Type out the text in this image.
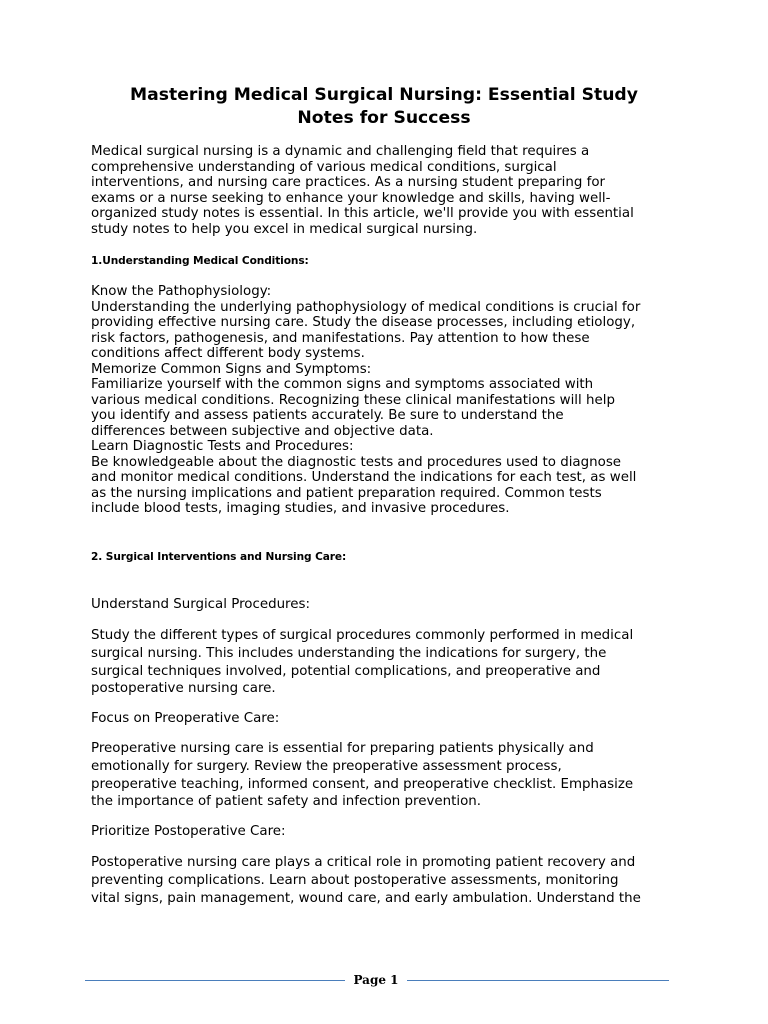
Mastering Medical Surgical Nursing: Essential Study
Notes for Success
Medical surgical nursing is a dynamic and challenging field that requires a
comprehensive understanding of various medical conditions, surgical
interventions, and nursing care practices. As a nursing student preparing for
exams or a nurse seeking to enhance your knowledge and skills, having well-
organized study notes is essential. In this article, we'll provide you with essential
study notes to help you excel in medical surgical nursing.
1.Understanding Medical Conditions:
Know the Pathophysiology:
Understanding the underlying pathophysiology of medical conditions is crucial for
providing effective nursing care. Study the disease processes, including etiology,
risk factors, pathogenesis, and manifestations. Pay attention to how these
conditions affect different body systems.
Memorize Common Signs and Symptoms:
Familiarize yourself with the common signs and symptoms associated with
various medical conditions. Recognizing these clinical manifestations will help
you identify and assess patients accurately. Be sure to understand the
differences between subjective and objective data.
Learn Diagnostic Tests and Procedures:
Be knowledgeable about the diagnostic tests and procedures used to diagnose
and monitor medical conditions. Understand the indications for each test, as well
as the nursing implications and patient preparation required. Common tests
include blood tests, imaging studies, and invasive procedures.
2. Surgical Interventions and Nursing Care:
Understand Surgical Procedures:
Study the different types of surgical procedures commonly performed in medical
surgical nursing. This includes understanding the indications for surgery, the
surgical techniques involved, potential complications, and preoperative and
postoperative nursing care.
Focus on Preoperative Care:
Preoperative nursing care is essential for preparing patients physically and
emotionally for surgery. Review the preoperative assessment process,
preoperative teaching, informed consent, and preoperative checklist. Emphasize
the importance of patient safety and infection prevention.
Prioritize Postoperative Care:
Postoperative nursing care plays a critical role in promoting patient recovery and
preventing complications. Learn about postoperative assessments, monitoring
vital signs, pain management, wound care, and early ambulation. Understand the
Page 1
